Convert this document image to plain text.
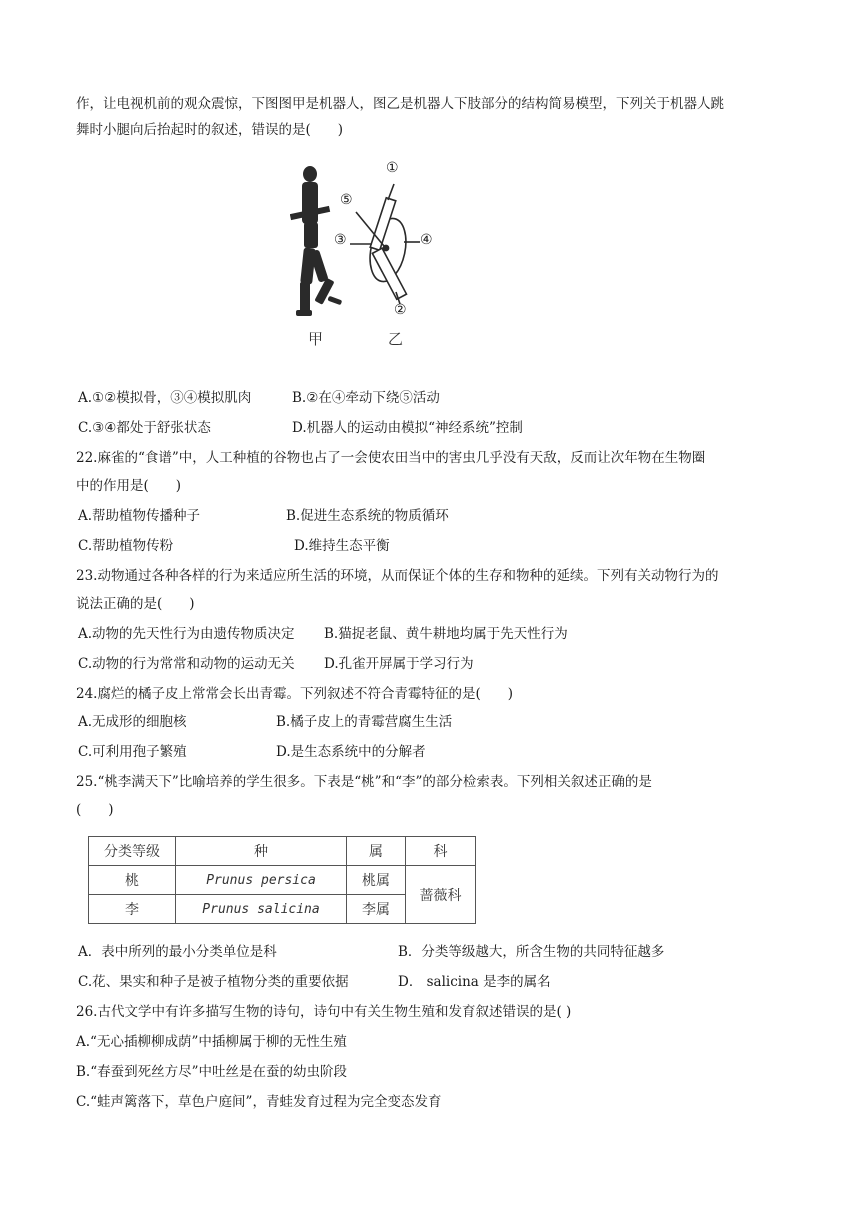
作，让电视机前的观众震惊，下图图甲是机器人，图乙是机器人下肢部分的结构简易模型，下列关于机器人跳
舞时小腿向后抬起时的叙述，错误的是(　　)
①
⑤
③	④
②
甲	乙
A.①②模拟骨，③④模拟肌肉	B.②在④牵动下绕⑤活动
C.③④都处于舒张状态	D.机器人的运动由模拟“神经系统”控制
22.麻雀的“食谱”中，人工种植的谷物也占了一会使农田当中的害虫几乎没有天敌，反而让次年物在生物圈
中的作用是(　　)
A.帮助植物传播种子	B.促进生态系统的物质循环
C.帮助植物传粉	D.维持生态平衡
23.动物通过各种各样的行为来适应所生活的环境，从而保证个体的生存和物种的延续。下列有关动物行为的
说法正确的是(　　)
A.动物的先天性行为由遗传物质决定 B.猫捉老鼠、黄牛耕地均属于先天性行为
C.动物的行为常常和动物的运动无关 D.孔雀开屏属于学习行为
24.腐烂的橘子皮上常常会长出青霉。下列叙述不符合青霉特征的是(　　)
A.无成形的细胞核	B.橘子皮上的青霉营腐生生活
C.可利用孢子繁殖	D.是生态系统中的分解者
25.“桃李满天下”比喻培养的学生很多。下表是“桃”和“李”的部分检索表。下列相关叙述正确的是
(　　)
分类等级	种	属	科
桃	Prunus persica	桃属	蔷薇科
李	Prunus salicina	李属	
A．表中所列的最小分类单位是科	B．分类等级越大，所含生物的共同特征越多
C.花、果实和种子是被子植物分类的重要依据	D． salicina 是李的属名
26.古代文学中有许多描写生物的诗句，诗句中有关生物生殖和发育叙述错误的是( )
A.“无心插柳柳成荫”中插柳属于柳的无性生殖
B.“春蚕到死丝方尽”中吐丝是在蚕的幼虫阶段
C.“蛙声篱落下，草色户庭间”，青蛙发育过程为完全变态发育
